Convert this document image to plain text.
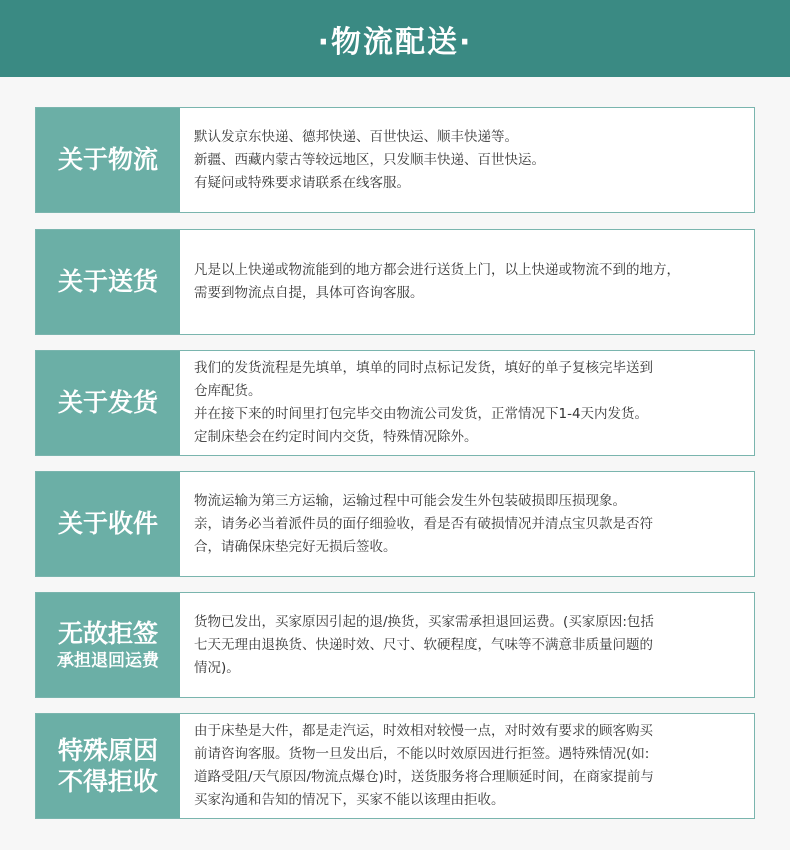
·物流配送·
关于物流
默认发京东快递、德邦快递、百世快运、顺丰快递等。
新疆、西藏内蒙古等较远地区，只发顺丰快递、百世快运。
有疑问或特殊要求请联系在线客服。
关于送货	凡是以上快递或物流能到的地方都会进行送货上门，以上快递或物流不到的地方，
需要到物流点自提，具体可咨询客服。
关于发货
我们的发货流程是先填单，填单的同时点标记发货，填好的单子复核完毕送到
仓库配货。
并在接下来的时间里打包完毕交由物流公司发货，正常情况下1-4天内发货。
定制床垫会在约定时间内交货，特殊情况除外。
关于收件
物流运输为第三方运输，运输过程中可能会发生外包装破损即压损现象。
亲，请务必当着派件员的面仔细验收，看是否有破损情况并清点宝贝款是否符
合，请确保床垫完好无损后签收。
无故拒签
承担退回运费
货物已发出，买家原因引起的退/换货，买家需承担退回运费。(买家原因:包括
七天无理由退换货、快递时效、尺寸、软硬程度，气味等不满意非质量问题的
情况)。
特殊原因
不得拒收
由于床垫是大件，都是走汽运，时效相对较慢一点，对时效有要求的顾客购买
前请咨询客服。货物一旦发出后，不能以时效原因进行拒签。遇特殊情况(如:
道路受阻/天气原因/物流点爆仓)时，送货服务将合理顺延时间，在商家提前与
买家沟通和告知的情况下，买家不能以该理由拒收。
